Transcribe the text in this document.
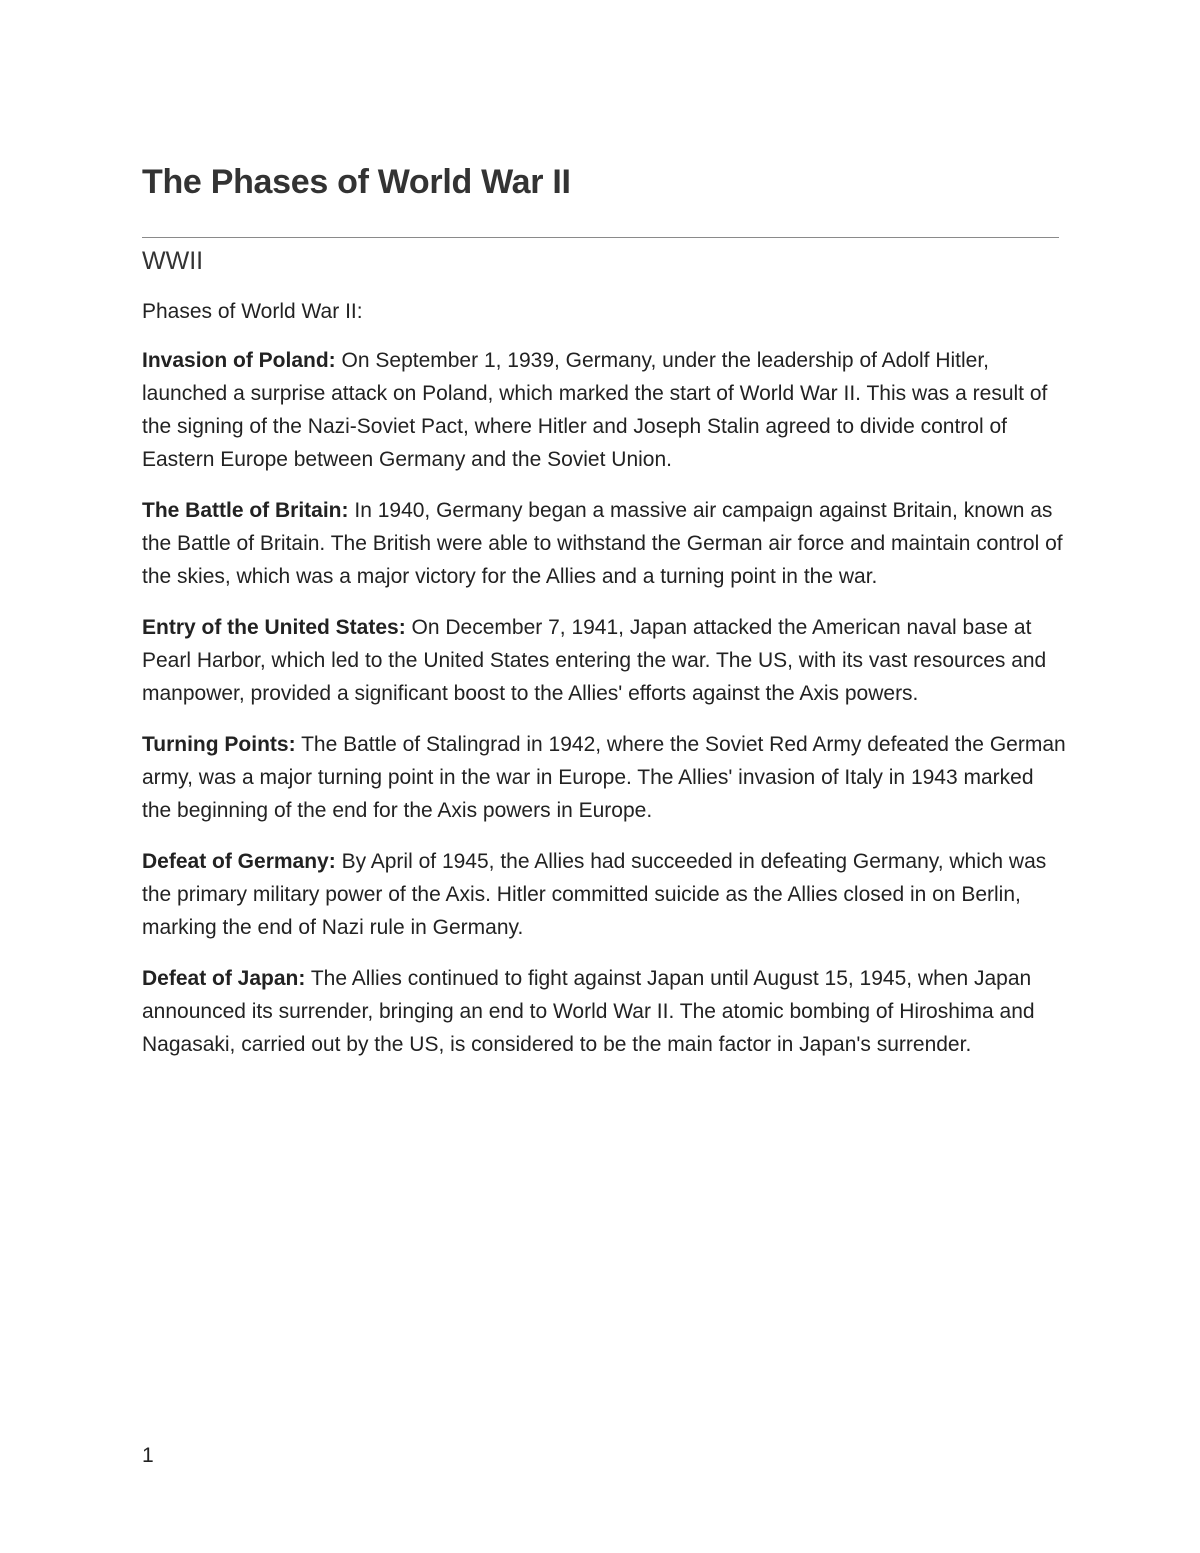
The Phases of World War II
WWII

Phases of World War II:

Invasion of Poland: On September 1, 1939, Germany, under the leadership of Adolf Hitler, launched a surprise attack on Poland, which marked the start of World War II. This was a result of the signing of the Nazi-Soviet Pact, where Hitler and Joseph Stalin agreed to divide control of Eastern Europe between Germany and the Soviet Union.

The Battle of Britain: In 1940, Germany began a massive air campaign against Britain, known as the Battle of Britain. The British were able to withstand the German air force and maintain control of the skies, which was a major victory for the Allies and a turning point in the war.

Entry of the United States: On December 7, 1941, Japan attacked the American naval base at Pearl Harbor, which led to the United States entering the war. The US, with its vast resources and manpower, provided a significant boost to the Allies' efforts against the Axis powers.

Turning Points: The Battle of Stalingrad in 1942, where the Soviet Red Army defeated the German army, was a major turning point in the war in Europe. The Allies' invasion of Italy in 1943 marked the beginning of the end for the Axis powers in Europe.

Defeat of Germany: By April of 1945, the Allies had succeeded in defeating Germany, which was the primary military power of the Axis. Hitler committed suicide as the Allies closed in on Berlin, marking the end of Nazi rule in Germany.

Defeat of Japan: The Allies continued to fight against Japan until August 15, 1945, when Japan announced its surrender, bringing an end to World War II. The atomic bombing of Hiroshima and Nagasaki, carried out by the US, is considered to be the main factor in Japan's surrender.

1
